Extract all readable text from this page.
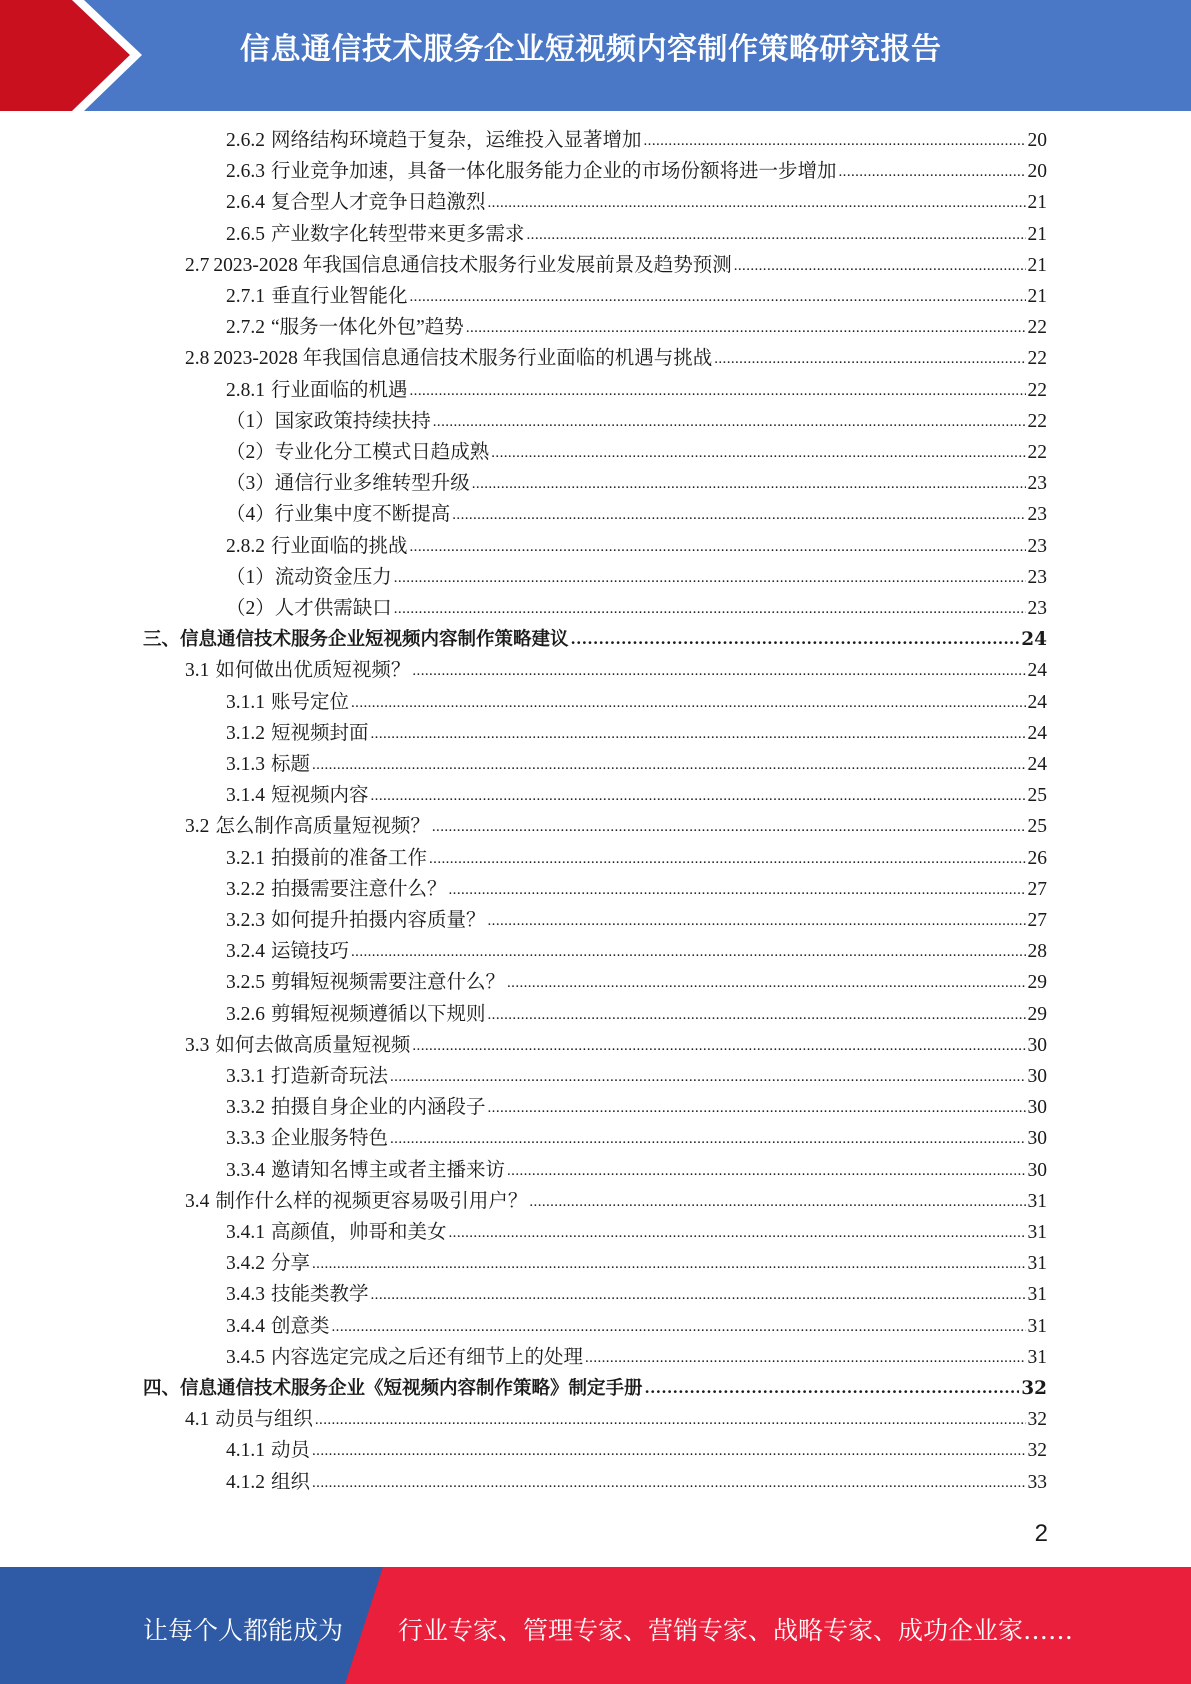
信息通信技术服务企业短视频内容制作策略研究报告
2.6.2 网络结构环境趋于复杂，运维投入显著增加 .....	20
2.6.3 行业竞争加速，具备一体化服务能力企业的市场份额将进一步增加 .....	20
2.6.4 复合型人才竞争日趋激烈 .....	21
2.6.5 产业数字化转型带来更多需求 .....	21
2.7 2023-2028 年我国信息通信技术服务行业发展前景及趋势预测 .....	21
2.7.1 垂直行业智能化 .....	21
2.7.2 “服务一体化外包”趋势 .....	22
2.8 2023-2028 年我国信息通信技术服务行业面临的机遇与挑战 .....	22
2.8.1 行业面临的机遇 .....	22
（1） 国家政策持续扶持 .....	22
（2） 专业化分工模式日趋成熟 .....	22
（3） 通信行业多维转型升级 .....	23
（4） 行业集中度不断提高 .....	23
2.8.2 行业面临的挑战 .....	23
（1） 流动资金压力 .....	23
（2） 人才供需缺口 .....	23
三、 信息通信技术服务企业短视频内容制作策略建议 .....	24
3.1 如何做出优质短视频？ .....	24
3.1.1 账号定位 .....	24
3.1.2 短视频封面 .....	24
3.1.3 标题 .....	24
3.1.4 短视频内容 .....	25
3.2 怎么制作高质量短视频？ .....	25
3.2.1 拍摄前的准备工作 .....	26
3.2.2 拍摄需要注意什么？ .....	27
3.2.3 如何提升拍摄内容质量？ .....	27
3.2.4 运镜技巧 .....	28
3.2.5 剪辑短视频需要注意什么？ .....	29
3.2.6 剪辑短视频遵循以下规则 .....	29
3.3 如何去做高质量短视频 .....	30
3.3.1 打造新奇玩法 .....	30
3.3.2 拍摄自身企业的内涵段子 .....	30
3.3.3 企业服务特色 .....	30
3.3.4 邀请知名博主或者主播来访 .....	30
3.4 制作什么样的视频更容易吸引用户？ .....	31
3.4.1 高颜值，帅哥和美女 .....	31
3.4.2 分享 .....	31
3.4.3 技能类教学 .....	31
3.4.4 创意类 .....	31
3.4.5 内容选定完成之后还有细节上的处理 .....	31
四、 信息通信技术服务企业《短视频内容制作策略》制定手册 .....	32
4.1 动员与组织 .....	32
4.1.1 动员 .....	32
4.1.2 组织 .....	33
2
让每个人都能成为 行业专家、管理专家、营销专家、战略专家、成功企业家……
